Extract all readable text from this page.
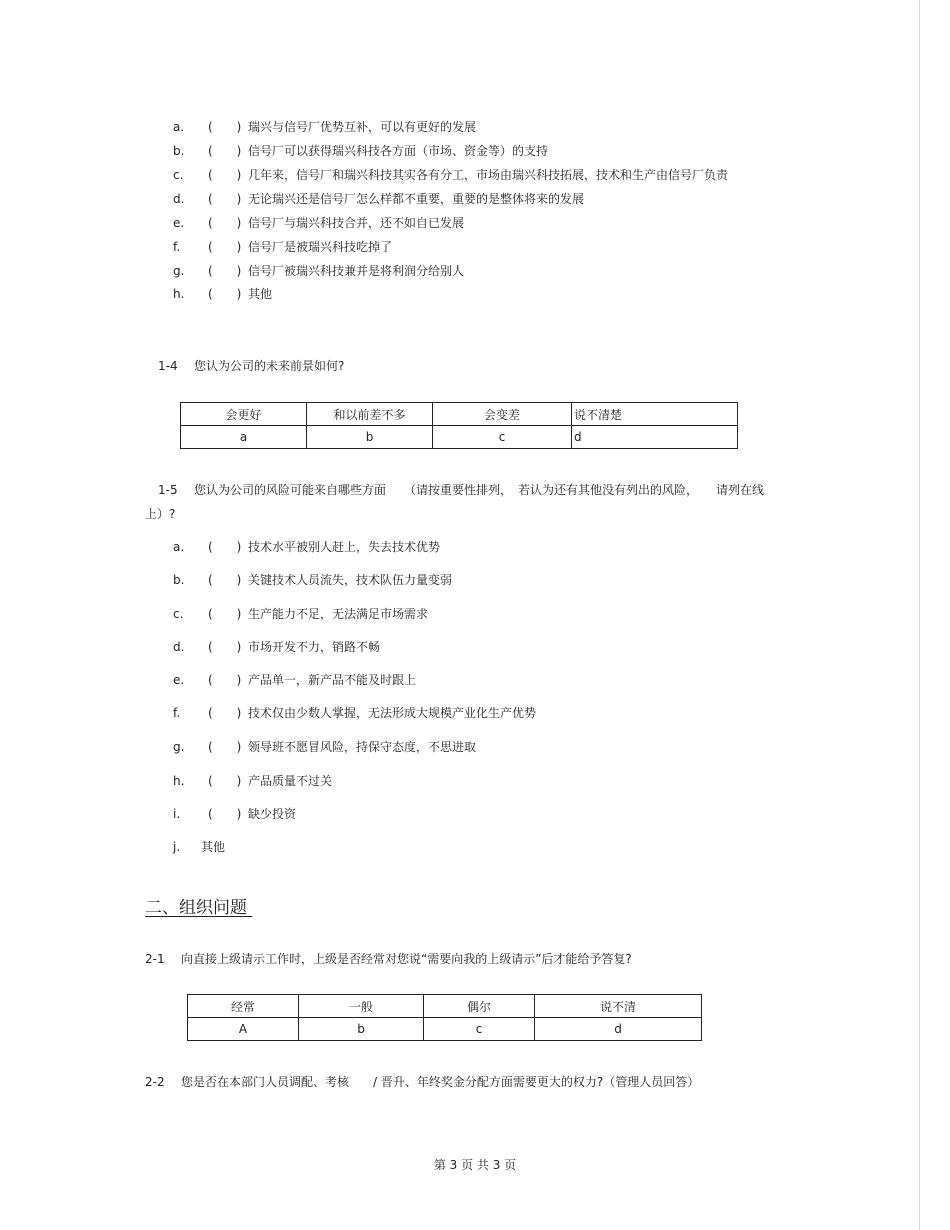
a. (　　) 瑞兴与信号厂优势互补，可以有更好的发展
b. (　　) 信号厂可以获得瑞兴科技各方面（市场、资金等）的支持
c. (　　) 几年来，信号厂和瑞兴科技其实各有分工，市场由瑞兴科技拓展，技术和生产由信号厂负责
d. (　　) 无论瑞兴还是信号厂怎么样都不重要，重要的是整体将来的发展
e. (　　) 信号厂与瑞兴科技合并，还不如自已发展
f. (　　) 信号厂是被瑞兴科技吃掉了
g. (　　) 信号厂被瑞兴科技兼并是将利润分给别人
h. (　　) 其他
1-4 您认为公司的未来前景如何?
会更好	和以前差不多	会变差	说不清楚
a	b	c	d
1-5 您认为公司的风险可能来自哪些方面　　（请按重要性排列，　若认为还有其他没有列出的风险，　　请列在线
上）?
a. (　　) 技术水平被别人赶上，失去技术优势
b. (　　) 关键技术人员流失，技术队伍力量变弱
c. (　　) 生产能力不足，无法满足市场需求
d. (　　) 市场开发不力，销路不畅
e. (　　) 产品单一，新产品不能及时跟上
f. (　　) 技术仅由少数人掌握，无法形成大规模产业化生产优势
g. (　　) 领导班不愿冒风险，持保守态度，不思进取
h. (　　) 产品质量不过关
i. (　　) 缺少投资
j. 其他
二、组织问题
2-1 向直接上级请示工作时，上级是否经常对您说“需要向我的上级请示”后才能给予答复?
经常	一般	偶尔	说不清
A	b	c	d
2-2 您是否在本部门人员调配、考核　　/ 晋升、年终奖金分配方面需要更大的权力?（管理人员回答）
第 3 页 共 3 页
